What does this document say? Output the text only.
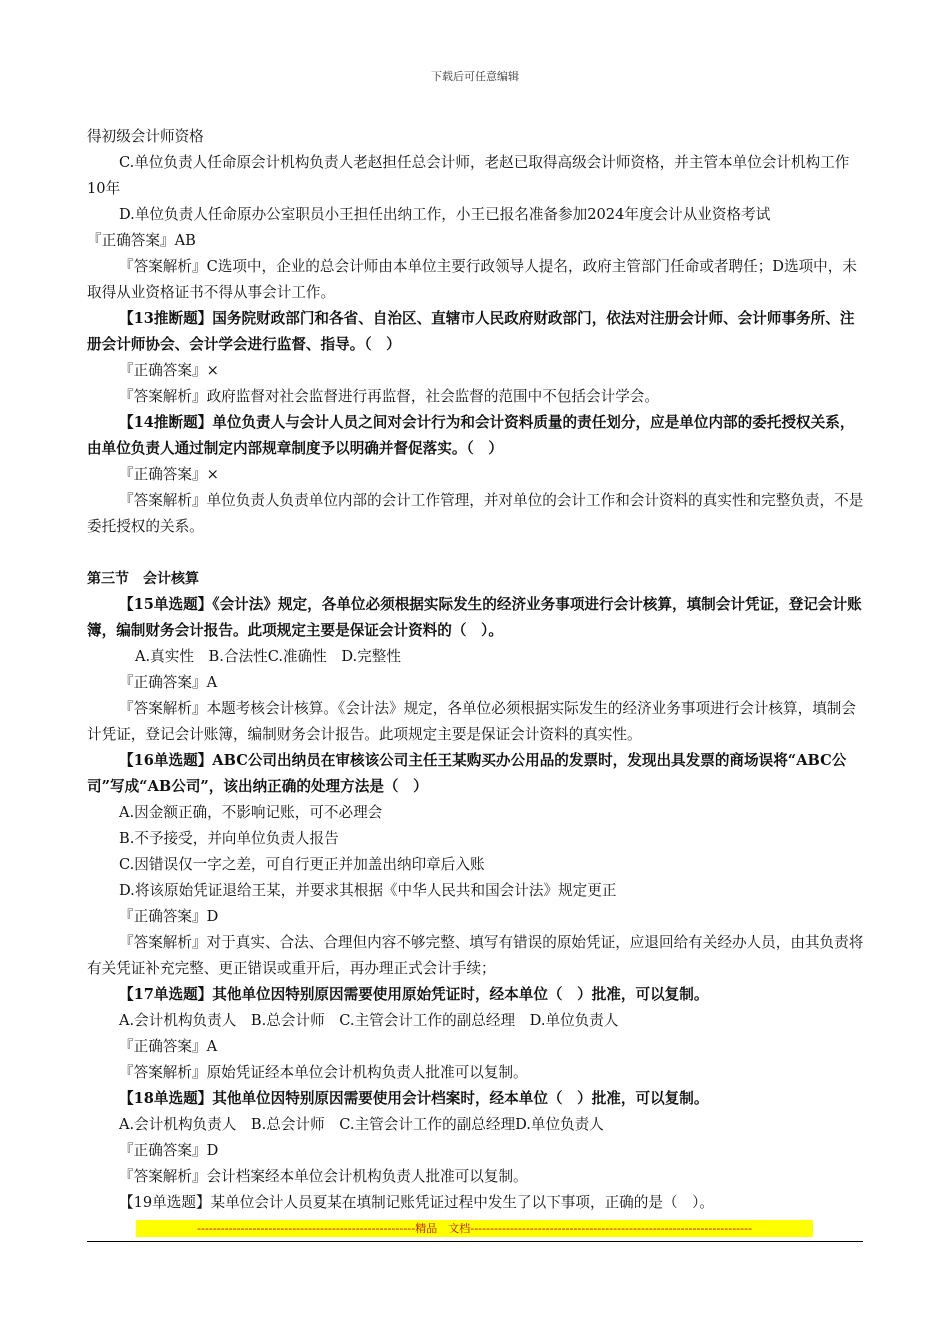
下载后可任意编辑

得初级会计师资格

C.单位负责人任命原会计机构负责人老赵担任总会计师，老赵已取得高级会计师资格，并主管本单位会计机构工作10年

D.单位负责人任命原办公室职员小王担任出纳工作，小王已报名准备参加2024年度会计从业资格考试

『正确答案』AB

『答案解析』C选项中，企业的总会计师由本单位主要行政领导人提名，政府主管部门任命或者聘任；D选项中，未取得从业资格证书不得从事会计工作。

【13推断题】国务院财政部门和各省、自治区、直辖市人民政府财政部门，依法对注册会计师、会计师事务所、注册会计师协会、会计学会进行监督、指导。（　）

『正确答案』×

『答案解析』政府监督对社会监督进行再监督，社会监督的范围中不包括会计学会。

【14推断题】单位负责人与会计人员之间对会计行为和会计资料质量的责任划分，应是单位内部的委托授权关系，由单位负责人通过制定内部规章制度予以明确并督促落实。（　）

『正确答案』×

『答案解析』单位负责人负责单位内部的会计工作管理，并对单位的会计工作和会计资料的真实性和完整负责，不是委托授权的关系。

第三节　会计核算

【15单选题】《会计法》规定，各单位必须根据实际发生的经济业务事项进行会计核算，填制会计凭证，登记会计账簿，编制财务会计报告。此项规定主要是保证会计资料的（　）。

A.真实性　B.合法性C.准确性　D.完整性

『正确答案』A

『答案解析』本题考核会计核算。《会计法》规定，各单位必须根据实际发生的经济业务事项进行会计核算，填制会计凭证，登记会计账簿，编制财务会计报告。此项规定主要是保证会计资料的真实性。

【16单选题】ABC公司出纳员在审核该公司主任王某购买办公用品的发票时，发现出具发票的商场误将“ABC公司”写成“AB公司”，该出纳正确的处理方法是（　）

A.因金额正确，不影响记账，可不必理会

B.不予接受，并向单位负责人报告

C.因错误仅一字之差，可自行更正并加盖出纳印章后入账

D.将该原始凭证退给王某，并要求其根据《中华人民共和国会计法》规定更正

『正确答案』D

『答案解析』对于真实、合法、合理但内容不够完整、填写有错误的原始凭证，应退回给有关经办人员，由其负责将有关凭证补充完整、更正错误或重开后，再办理正式会计手续；

【17单选题】其他单位因特别原因需要使用原始凭证时，经本单位（　）批准，可以复制。

A.会计机构负责人　B.总会计师　C.主管会计工作的副总经理　D.单位负责人

『正确答案』A

『答案解析』原始凭证经本单位会计机构负责人批准可以复制。

【18单选题】其他单位因特别原因需要使用会计档案时，经本单位（　）批准，可以复制。

A.会计机构负责人　B.总会计师　C.主管会计工作的副总经理D.单位负责人

『正确答案』D

『答案解析』会计档案经本单位会计机构负责人批准可以复制。

【19单选题】某单位会计人员夏某在填制记账凭证过程中发生了以下事项，正确的是（　）。

-------------------------------------------------------精品　文档-----------------------------------------------------------------------
